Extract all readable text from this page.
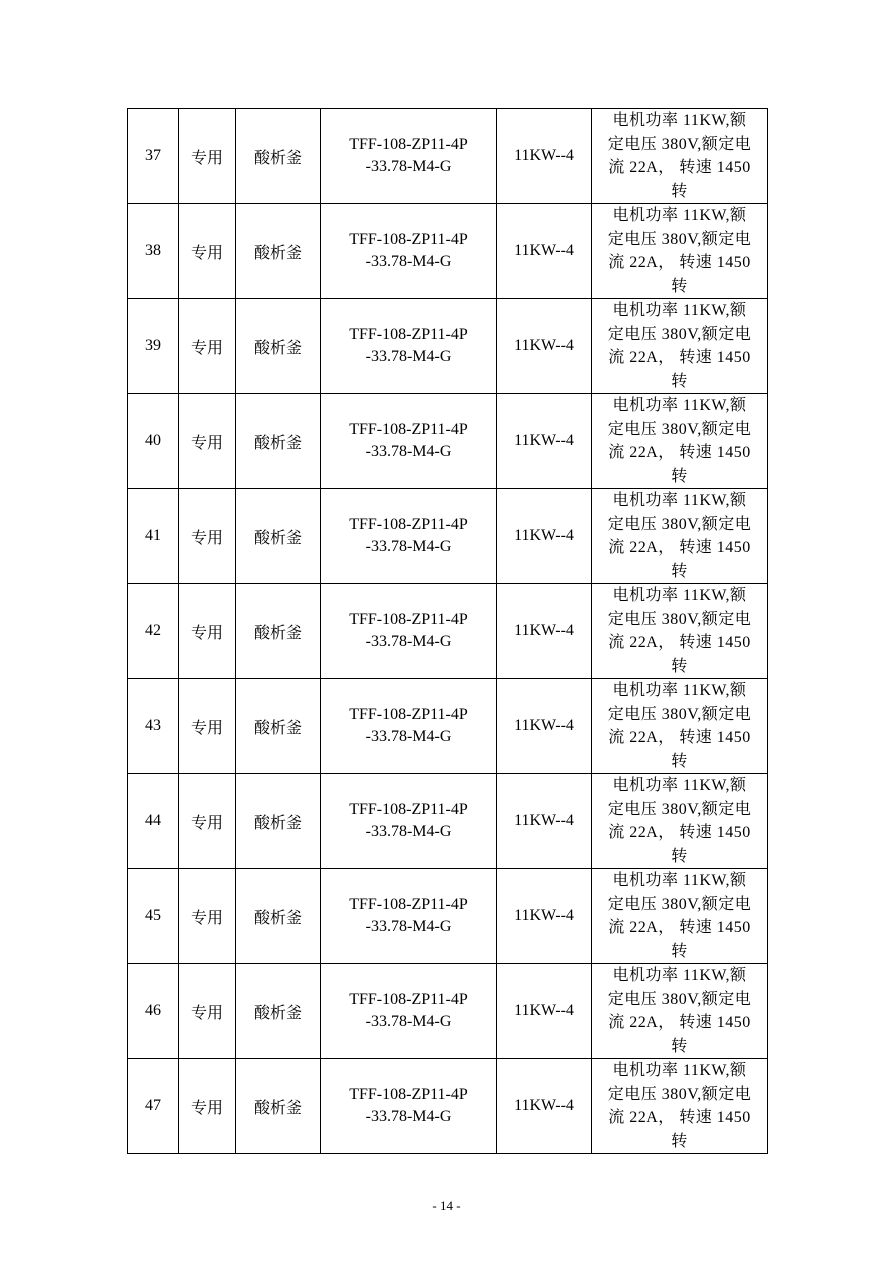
37	专用	酸析釜	TFF-108-ZP11-4P
-33.78-M4-G	11KW--4	电机功率 11KW,额
定电压 380V,额定电
流 22A， 转速 1450
转

38	专用	酸析釜	TFF-108-ZP11-4P
-33.78-M4-G	11KW--4	电机功率 11KW,额
定电压 380V,额定电
流 22A， 转速 1450
转

39	专用	酸析釜	TFF-108-ZP11-4P
-33.78-M4-G	11KW--4	电机功率 11KW,额
定电压 380V,额定电
流 22A， 转速 1450
转

40	专用	酸析釜	TFF-108-ZP11-4P
-33.78-M4-G	11KW--4	电机功率 11KW,额
定电压 380V,额定电
流 22A， 转速 1450
转

41	专用	酸析釜	TFF-108-ZP11-4P
-33.78-M4-G	11KW--4	电机功率 11KW,额
定电压 380V,额定电
流 22A， 转速 1450
转

42	专用	酸析釜	TFF-108-ZP11-4P
-33.78-M4-G	11KW--4	电机功率 11KW,额
定电压 380V,额定电
流 22A， 转速 1450
转

43	专用	酸析釜	TFF-108-ZP11-4P
-33.78-M4-G	11KW--4	电机功率 11KW,额
定电压 380V,额定电
流 22A， 转速 1450
转

44	专用	酸析釜	TFF-108-ZP11-4P
-33.78-M4-G	11KW--4	电机功率 11KW,额
定电压 380V,额定电
流 22A， 转速 1450
转

45	专用	酸析釜	TFF-108-ZP11-4P
-33.78-M4-G	11KW--4	电机功率 11KW,额
定电压 380V,额定电
流 22A， 转速 1450
转

46	专用	酸析釜	TFF-108-ZP11-4P
-33.78-M4-G	11KW--4	电机功率 11KW,额
定电压 380V,额定电
流 22A， 转速 1450
转

47	专用	酸析釜	TFF-108-ZP11-4P
-33.78-M4-G	11KW--4	电机功率 11KW,额
定电压 380V,额定电
流 22A， 转速 1450
转
- 14 -
